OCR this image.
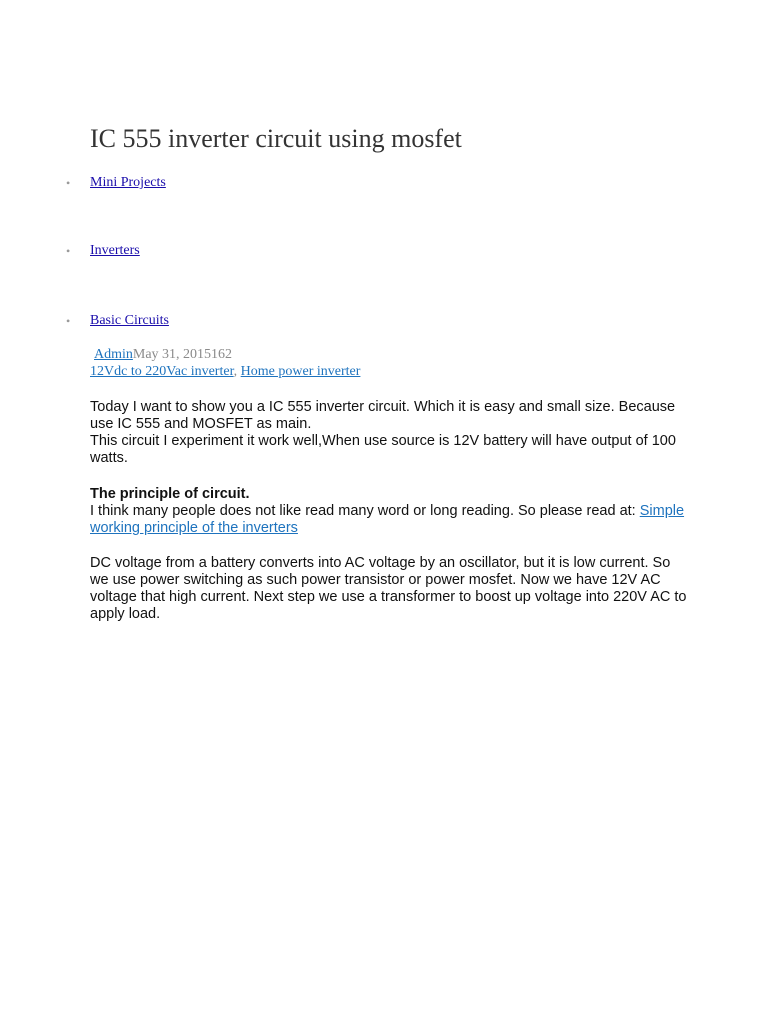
IC 555 inverter circuit using mosfet
• Mini Projects
• Inverters
• Basic Circuits
AdminMay 31, 2015162
12Vdc to 220Vac inverter, Home power inverter

Today I want to show you a IC 555 inverter circuit. Which it is easy and small size. Because use IC 555 and MOSFET as main.

This circuit I experiment it work well,When use source is 12V battery will have output of 100 watts.

The principle of circuit.

I think many people does not like read many word or long reading. So please read at: Simple working principle of the inverters

DC voltage from a battery converts into AC voltage by an oscillator, but it is low current. So we use power switching as such power transistor or power mosfet. Now we have 12V AC voltage that high current. Next step we use a transformer to boost up voltage into 220V AC to apply load.
